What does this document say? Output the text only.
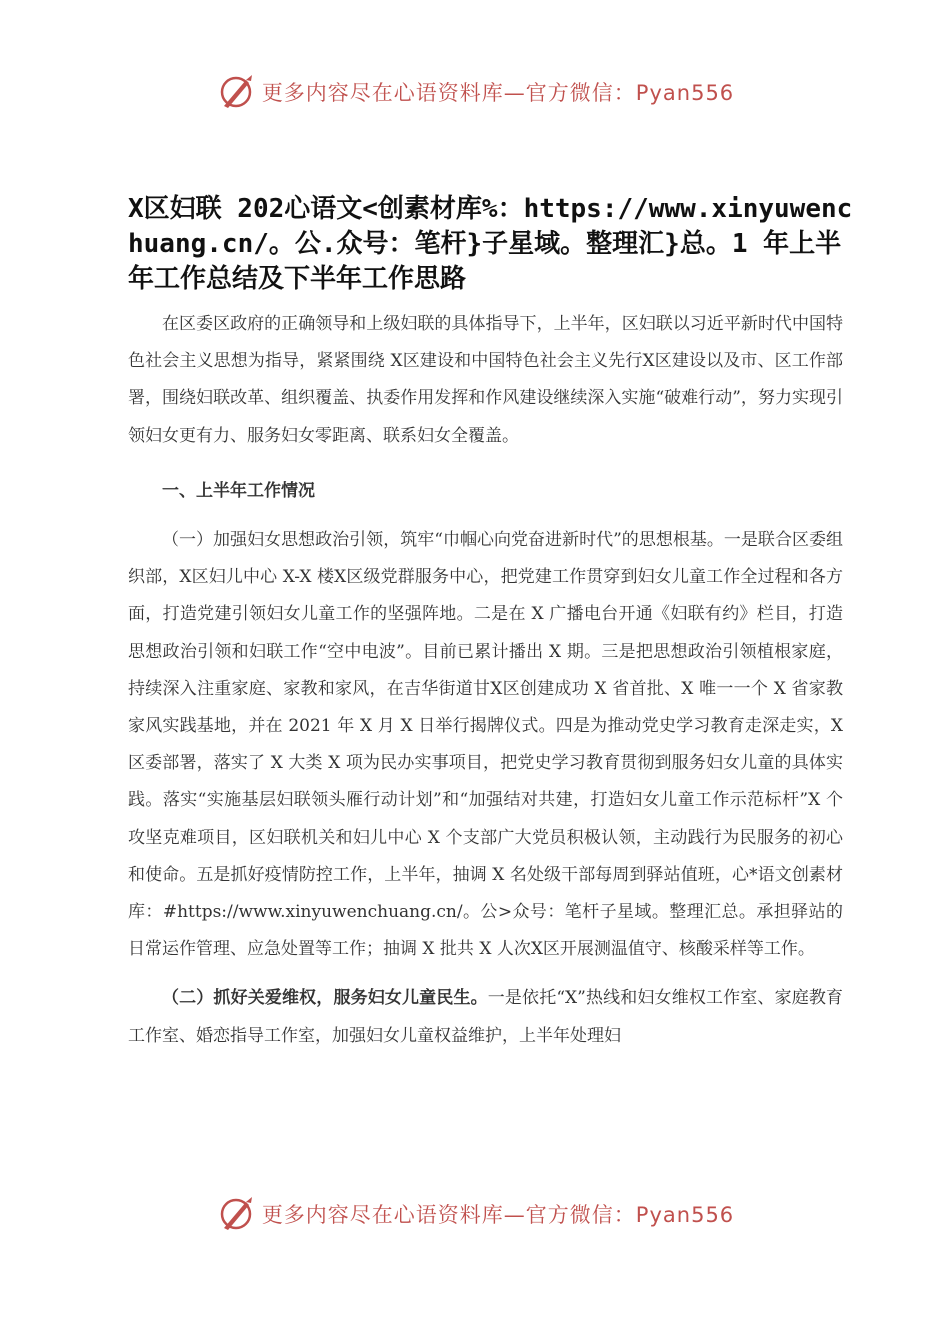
更多内容尽在心语资料库—官方微信：Pyan556
X区妇联 202心语文<创素材库%：https://www.xinyuwenchuang.cn/。公.众号：笔杆}子星域。整理汇}总。1 年上半年工作总结及下半年工作思路

在区委区政府的正确领导和上级妇联的具体指导下，上半年，区妇联以习近平新时代中国特色社会主义思想为指导，紧紧围绕 X区建设和中国特色社会主义先行X区建设以及市、区工作部署，围绕妇联改革、组织覆盖、执委作用发挥和作风建设继续深入实施“破难行动”，努力实现引领妇女更有力、服务妇女零距离、联系妇女全覆盖。

一、上半年工作情况

（一）加强妇女思想政治引领，筑牢“巾帼心向党奋进新时代”的思想根基。一是联合区委组织部，X区妇儿中心 X-X 楼X区级党群服务中心，把党建工作贯穿到妇女儿童工作全过程和各方面，打造党建引领妇女儿童工作的坚强阵地。二是在 X 广播电台开通《妇联有约》栏目，打造思想政治引领和妇联工作“空中电波”。目前已累计播出 X 期。三是把思想政治引领植根家庭，持续深入注重家庭、家教和家风，在吉华街道甘X区创建成功 X 省首批、X 唯一一个 X 省家教家风实践基地，并在 2021 年 X 月 X 日举行揭牌仪式。四是为推动党史学习教育走深走实，X区委部署，落实了 X 大类 X 项为民办实事项目，把党史学习教育贯彻到服务妇女儿童的具体实践。落实“实施基层妇联领头雁行动计划”和“加强结对共建，打造妇女儿童工作示范标杆”X 个攻坚克难项目，区妇联机关和妇儿中心 X 个支部广大党员积极认领，主动践行为民服务的初心和使命。五是抓好疫情防控工作，上半年，抽调 X 名处级干部每周到驿站值班，心*语文创素材库：#https://www.xinyuwenchuang.cn/。公>众号：笔杆子星域。整理汇总。承担驿站的日常运作管理、应急处置等工作；抽调 X 批共 X 人次X区开展测温值守、核酸采样等工作。

（二）抓好关爱维权，服务妇女儿童民生。一是依托“X”热线和妇女维权工作室、家庭教育工作室、婚恋指导工作室，加强妇女儿童权益维护，上半年处理妇

更多内容尽在心语资料库—官方微信：Pyan556
